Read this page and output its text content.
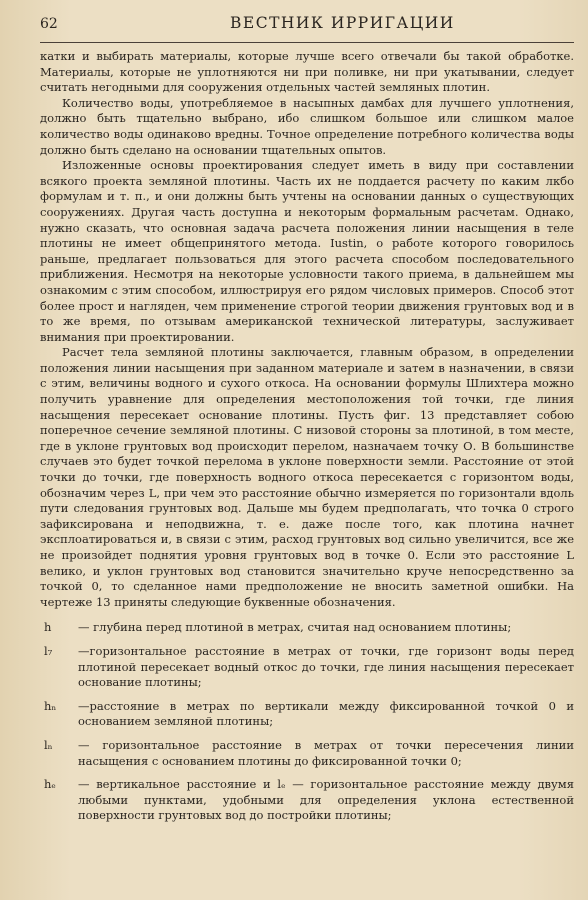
62	ВЕСТНИК ИРРИГАЦИИ

катки и выбирать материалы, которые лучше всего отвечали бы такой обработке. Материалы, которые не уплотняются ни при поливке, ни при укатывании, следует считать негодными для сооружения отдельных частей земляных плотин.

Количество воды, употребляемое в насыпных дамбах для лучшего уплотнения, должно быть тщательно выбрано, ибо слишком большое или слишком малое количество воды одинаково вредны. Точное определение потребного количества воды должно быть сделано на основании тщательных опытов.

Изложенные основы проектирования следует иметь в виду при составлении всякого проекта земляной плотины. Часть их не поддается расчету по каким лкбо формулам и т. п., и они должны быть учтены на основании данных о существующих сооружениях. Другая часть доступна и некоторым формальным расчетам. Однако, нужно сказать, что основная задача расчета положения линии насыщения в теле плотины не имеет общепринятого метода. Iustin, о работе которого говорилось раньше, предлагает пользоваться для этого расчета способом последовательного приближения. Несмотря на некоторые условности такого приема, в дальнейшем мы ознакомим с этим способом, иллюстрируя его рядом числовых примеров. Способ этот более прост и нагляден, чем применение строгой теории движения грунтовых вод и в то же время, по отзывам американской технической литературы, заслуживает внимания при проектировании.

Расчет тела земляной плотины заключается, главным образом, в определении положения линии насыщения при заданном материале и затем в назначении, в связи с этим, величины водного и сухого откоса. На основании формулы Шлихтера можно получить уравнение для определения местоположения той точки, где линия насыщения пересекает основание плотины. Пусть фиг. 13 представляет собою поперечное сечение земляной плотины. С низовой стороны за плотиной, в том месте, где в уклоне грунтовых вод происходит перелом, назначаем точку О. В большинстве случаев это будет точкой перелома в уклоне поверхности земли. Расстояние от этой точки до точки, где поверхность водного откоса пересекается с горизонтом воды, обозначим через L, при чем это расстояние обычно измеряется по горизонтали вдоль пути следования грунтовых вод. Дальше мы будем предполагать, что точка 0 строго зафиксирована и неподвижна, т. е. даже после того, как плотина начнет эксплоатироваться и, в связи с этим, расход грунтовых вод сильно увеличится, все же не произойдет поднятия уровня грунтовых вод в точке 0. Если это расстояние L велико, и уклон грунтовых вод становится значительно круче непосредственно за точкой 0, то сделанное нами предположение не вносить заметной ошибки. На чертеже 13 приняты следующие буквенные обозначения.

h	— глубина перед плотиной в метрах, считая над основанием плотины;
l₇	—горизонтальное расстояние в метрах от точки, где горизонт воды перед плотиной пересекает водный откос до точки, где линия насыщения пересекает основание плотины;
hₙ	—расстояние в метрах по вертикали между фиксированной точкой 0 и основанием земляной плотины;
lₙ	— горизонтальное расстояние в метрах от точки пересечения линии насыщения с основанием плотины до фиксированной точки 0;
hₑ	— вертикальное расстояние и lₑ — горизонтальное расстояние между двумя любыми пунктами, удобными для определения уклона естественной поверхности грунтовых вод до постройки плотины;
